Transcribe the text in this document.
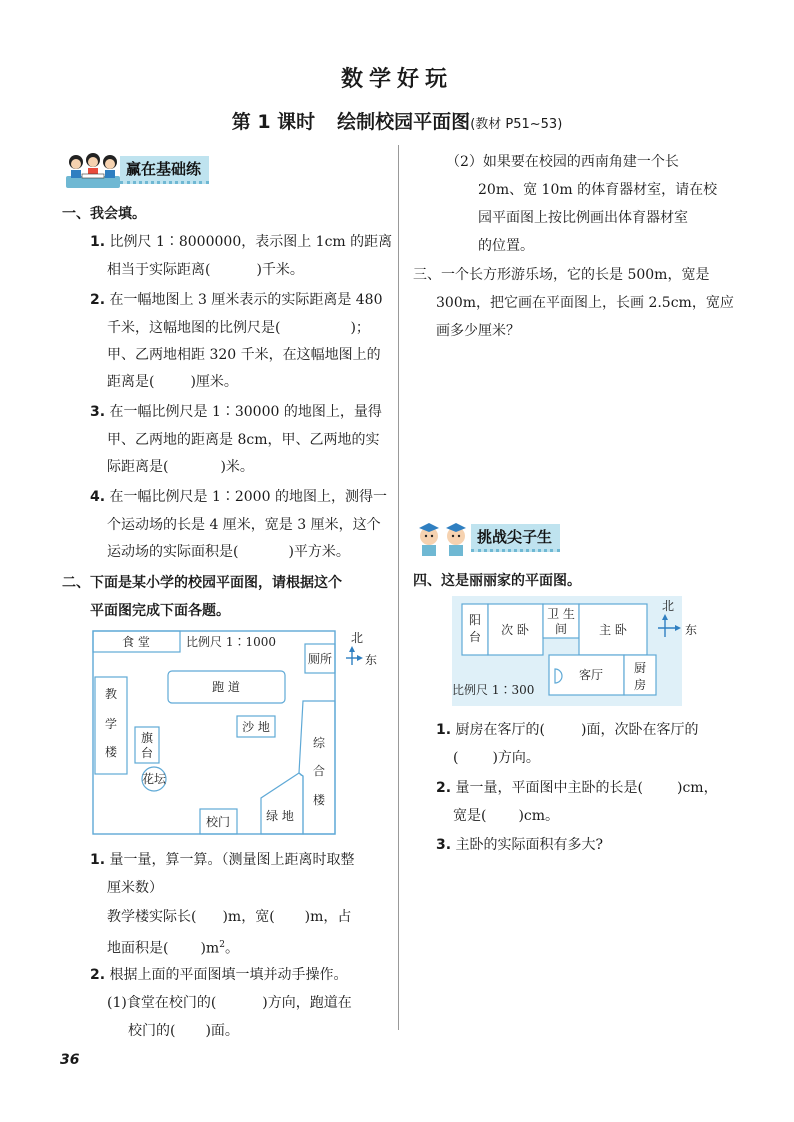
数学好玩
第 1 课时 绘制校园平面图(教材 P51~53)
赢在基础练
一、我会填。
1. 比例尺 1∶8000000，表示图上 1cm 的距离
相当于实际距离(	)千米。
2. 在一幅地图上 3 厘米表示的实际距离是 480
千米，这幅地图的比例尺是(	)；
甲、乙两地相距 320 千米，在这幅地图上的
距离是(	)厘米。
3. 在一幅比例尺是 1∶30000 的地图上，量得
甲、乙两地的距离是 8cm，甲、乙两地的实
际距离是(	)米。
4. 在一幅比例尺是 1∶2000 的地图上，测得一
个运动场的长是 4 厘米，宽是 3 厘米，这个
运动场的实际面积是(	)平方米。
二、下面是某小学的校园平面图，请根据这个
平面图完成下面各题。
食 堂	比例尺 1∶1000
厕所
北
东
跑 道
教
学
楼
旗
台
花坛
沙 地
综
合
楼
绿 地
校门
1. 量一量，算一算。（测量图上距离时取整
厘米数）
教学楼实际长( )m，宽( )m，占
地面积是( )$m^2$。
2. 根据上面的平面图填一填并动手操作。
(1)食堂在校门的(	)方向，跑道在
校门的( )面。
（2）如果要在校园的西南角建一个长
20m、宽 10m 的体育器材室，请在校
园平面图上按比例画出体育器材室
的位置。
三、一个长方形游乐场，它的长是 500m，宽是
300m，把它画在平面图上，长画 2.5cm，宽应
画多少厘米？
挑战尖子生
四、这是丽丽家的平面图。
阳
台 次 卧
卫 生
间	主 卧
客厅	厨
房
比例尺 1∶300
北
东
1. 厨房在客厅的(	)面，次卧在客厅的
( )方向。
2. 量一量，平面图中主卧的长是( )cm，
宽是( )cm。
3. 主卧的实际面积有多大?
36
